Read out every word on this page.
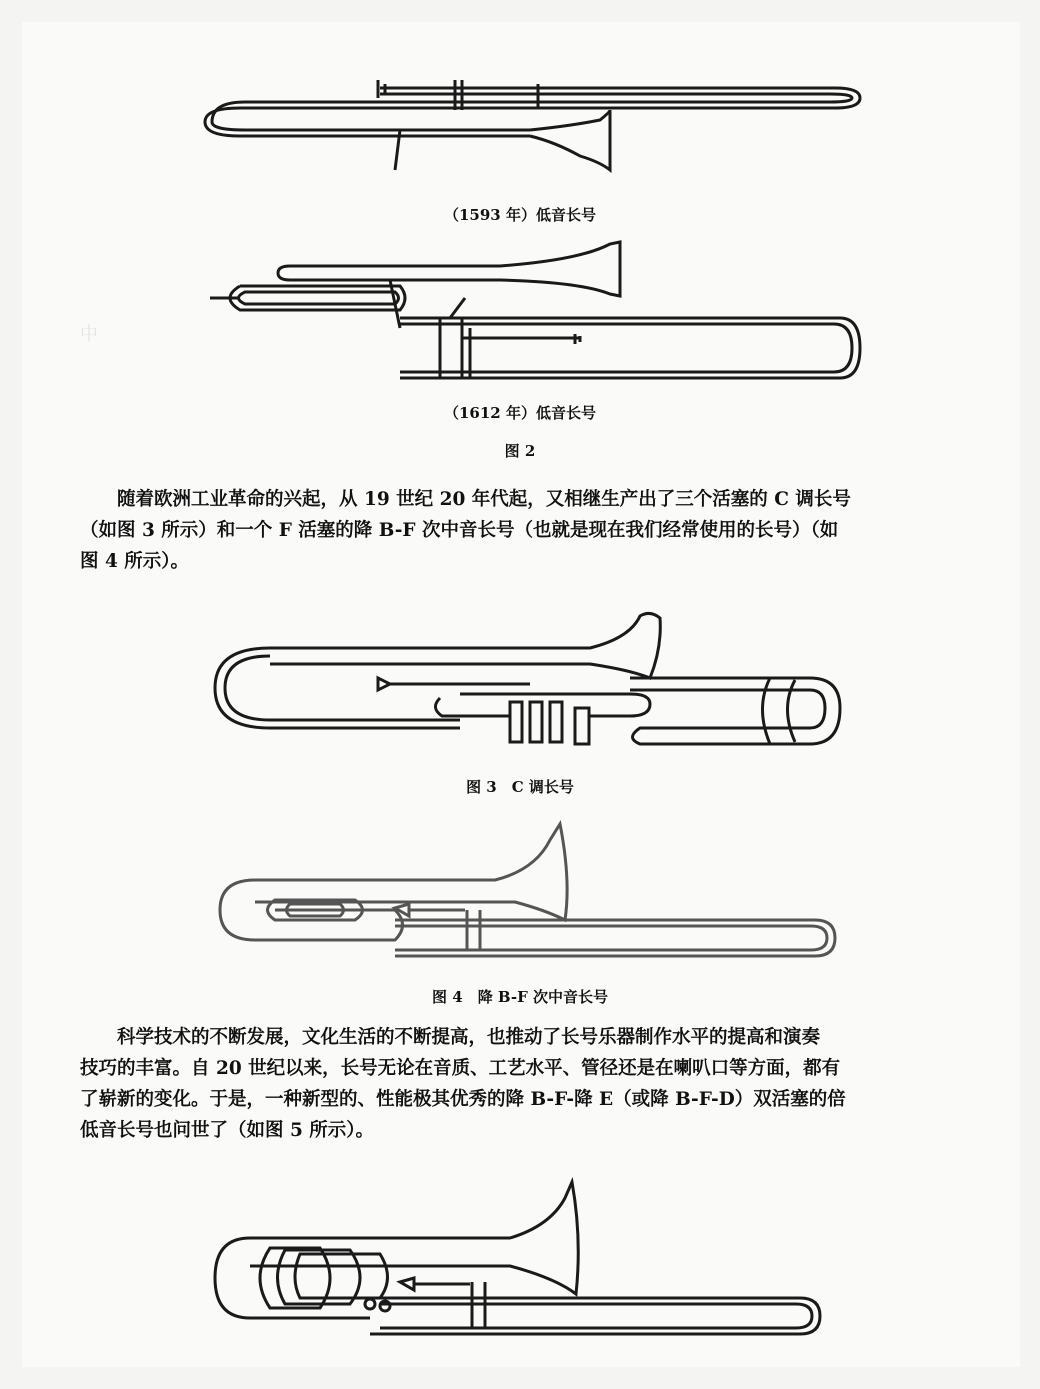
中　　　　　　　　　　　　　　　　　　　　　　　　　　　　　　　　　　
（1593 年）低音长号
（1612 年）低音长号
图 2
随着欧洲工业革命的兴起，从 19 世纪 20 年代起，又相继生产出了三个活塞的 C 调长号
（如图 3 所示）和一个 F 活塞的降 B-F 次中音长号（也就是现在我们经常使用的长号）（如
图 4 所示）。
图 3　C 调长号
图 4　降 B-F 次中音长号
科学技术的不断发展，文化生活的不断提高，也推动了长号乐器制作水平的提高和演奏
技巧的丰富。自 20 世纪以来，长号无论在音质、工艺水平、管径还是在喇叭口等方面，都有
了崭新的变化。于是，一种新型的、性能极其优秀的降 B-F-降 E（或降 B-F-D）双活塞的倍
低音长号也问世了（如图 5 所示）。
